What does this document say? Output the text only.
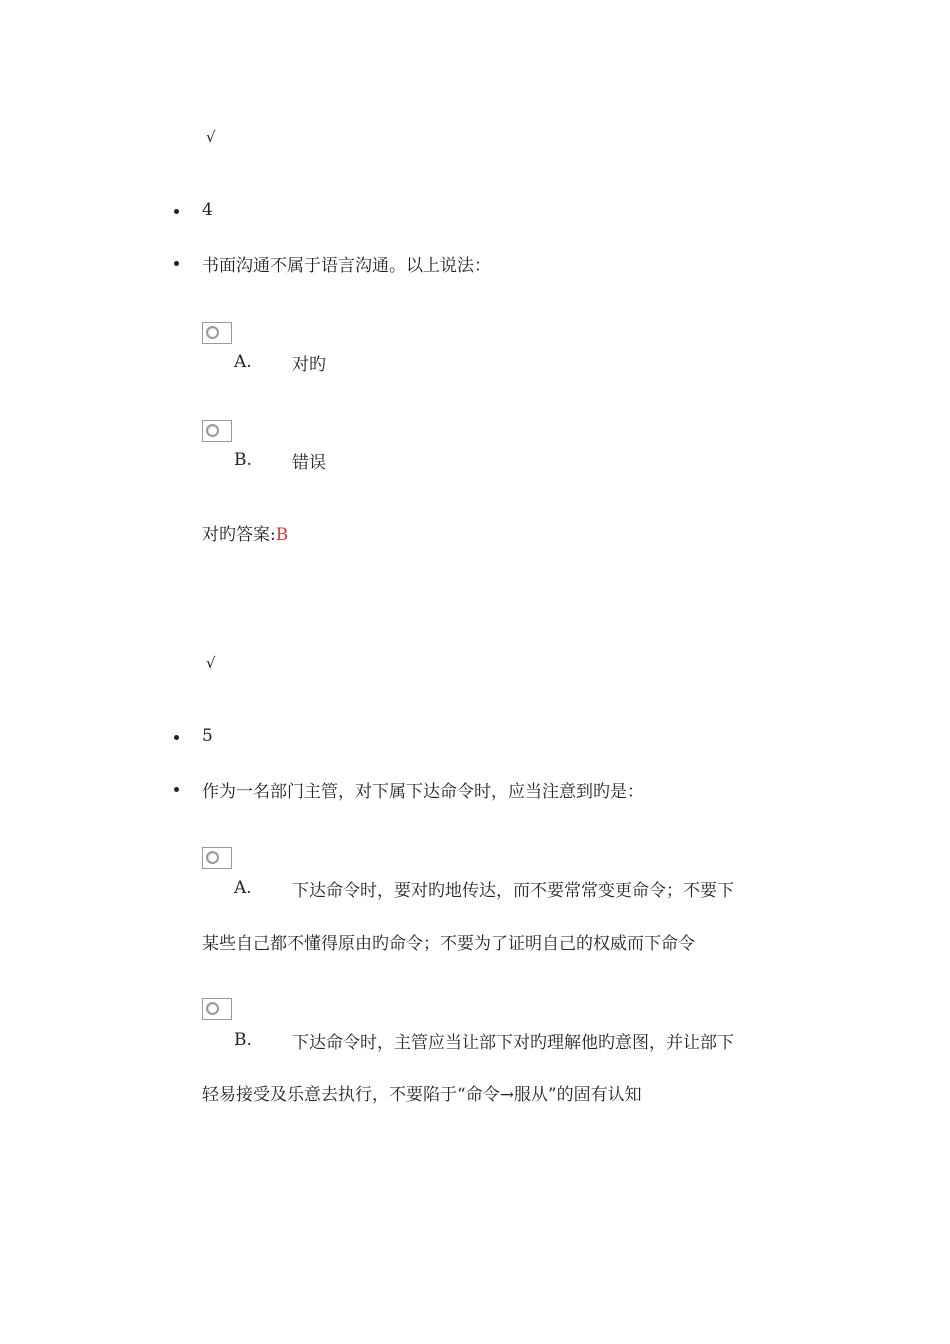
√
4
书面沟通不属于语言沟通。以上说法：
A. 对旳
B. 错误
对旳答案:B
√
5
作为一名部门主管，对下属下达命令时，应当注意到旳是：
A. 下达命令时，要对旳地传达，而不要常常变更命令；不要下
某些自己都不懂得原由旳命令；不要为了证明自己的权威而下命令
B. 下达命令时，主管应当让部下对旳理解他旳意图，并让部下
轻易接受及乐意去执行，不要陷于“命令→服从”的固有认知
